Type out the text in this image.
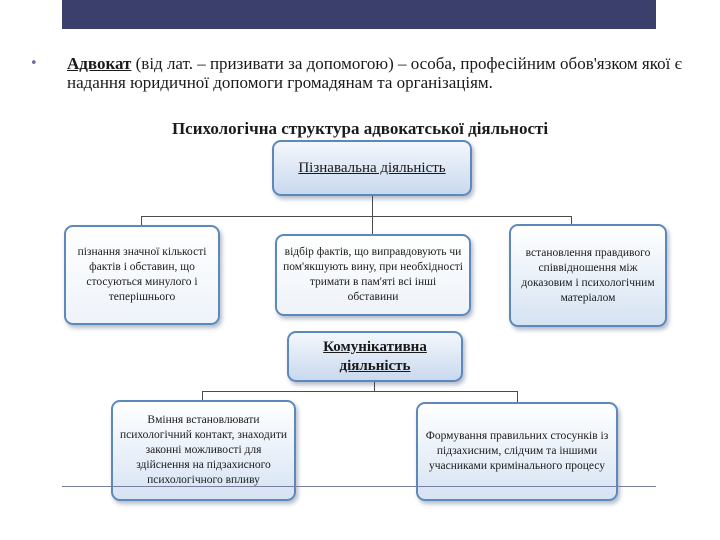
• Адвокат (від лат. – призивати за допомогою) – особа, професійним обов'язком якої є надання юридичної допомоги громадянам та організаціям.
Психологічна структура адвокатської діяльності
Пізнавальна діяльність
пізнання значної кількості фактів і обставин, що стосуються минулого і теперішнього
відбір фактів, що виправдовують чи пом'якшують вину, при необхідності тримати в пам'яті всі інші обставини
встановлення правдивого співвідношення між доказовим і психологічним матеріалом
Комунікативна діяльність
Вміння встановлювати психологічний контакт, знаходити законні можливості для здійснення на підзахисного психологічного впливу
Формування правильних стосунків із підзахисним, слідчим та іншими учасниками кримінального процесу
